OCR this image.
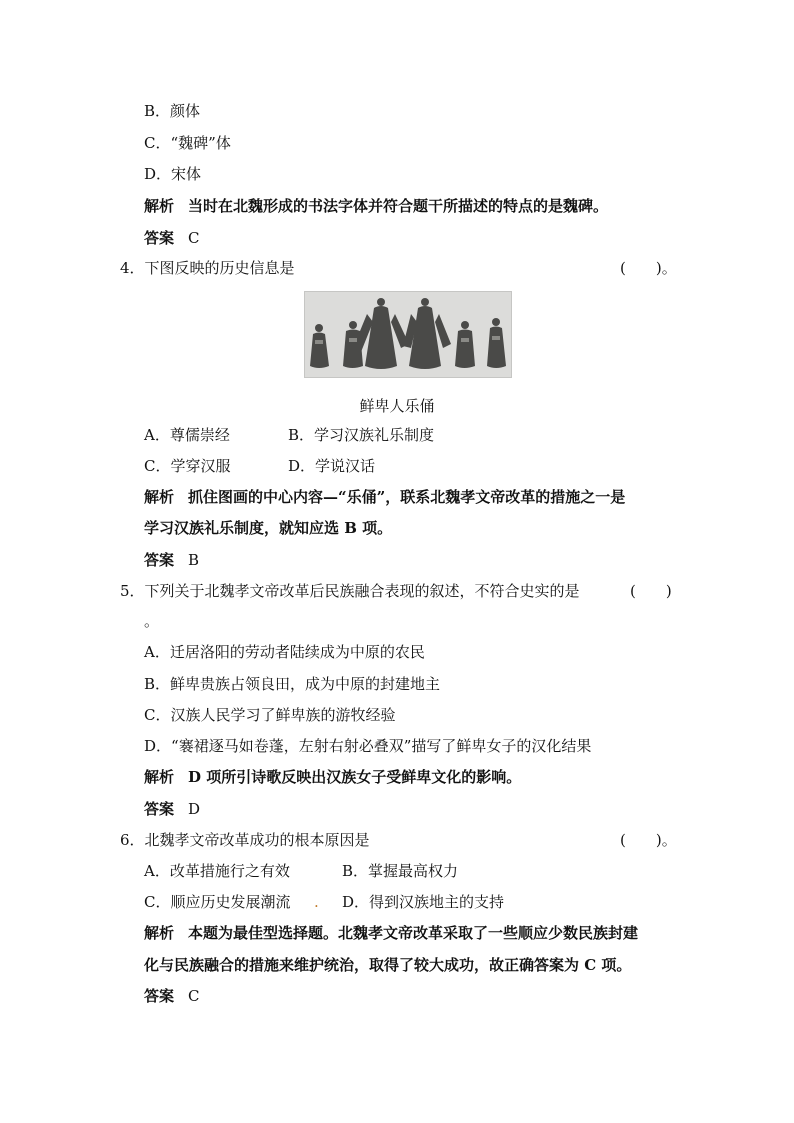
B．颜体
C．“魏碑”体
D．宋体
解析 当时在北魏形成的书法字体并符合题干所描述的特点的是魏碑。
答案 C
4．下图反映的历史信息是	(　　)。
鲜卑人乐俑
A．尊儒崇经	B．学习汉族礼乐制度
C．学穿汉服	D．学说汉话
解析 抓住图画的中心内容—“乐俑”，联系北魏孝文帝改革的措施之一是
学习汉族礼乐制度，就知应选 B 项。
答案 B
5．下列关于北魏孝文帝改革后民族融合表现的叙述，不符合史实的是	(　　)
。
A．迁居洛阳的劳动者陆续成为中原的农民
B．鲜卑贵族占领良田，成为中原的封建地主
C．汉族人民学习了鲜卑族的游牧经验
D．“褰裙逐马如卷蓬，左射右射必叠双”描写了鲜卑女子的汉化结果
解析 D 项所引诗歌反映出汉族女子受鲜卑文化的影响。
答案 D
6．北魏孝文帝改革成功的根本原因是	(　　)。
A．改革措施行之有效	B．掌握最高权力
C．顺应历史发展潮流 . D．得到汉族地主的支持
解析 本题为最佳型选择题。北魏孝文帝改革采取了一些顺应少数民族封建
化与民族融合的措施来维护统治，取得了较大成功，故正确答案为 C 项。
答案 C
